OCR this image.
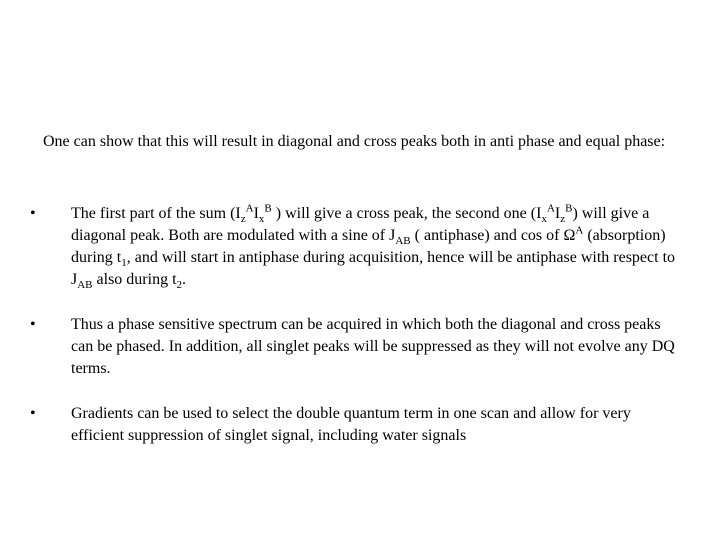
One can show that this will result in diagonal and cross peaks both in anti phase and equal phase:

•	The first part of the sum ($I_z^AI_x^B$ ) will give a cross peak, the second one $(I_x^AI_z^B)$ will give a diagonal peak. Both are modulated with a sine of $J_{AB}$ ( antiphase) and cos of $\Omega^A$ (absorption) during $t_1$, and will start in antiphase during acquisition, hence will be antiphase with respect to $J_{AB}$ also during $t_2$.
•	Thus a phase sensitive spectrum can be acquired in which both the diagonal and cross peaks can be phased. In addition, all singlet peaks will be suppressed as they will not evolve any DQ terms.
•	Gradients can be used to select the double quantum term in one scan and allow for very efficient suppression of singlet signal, including water signals
